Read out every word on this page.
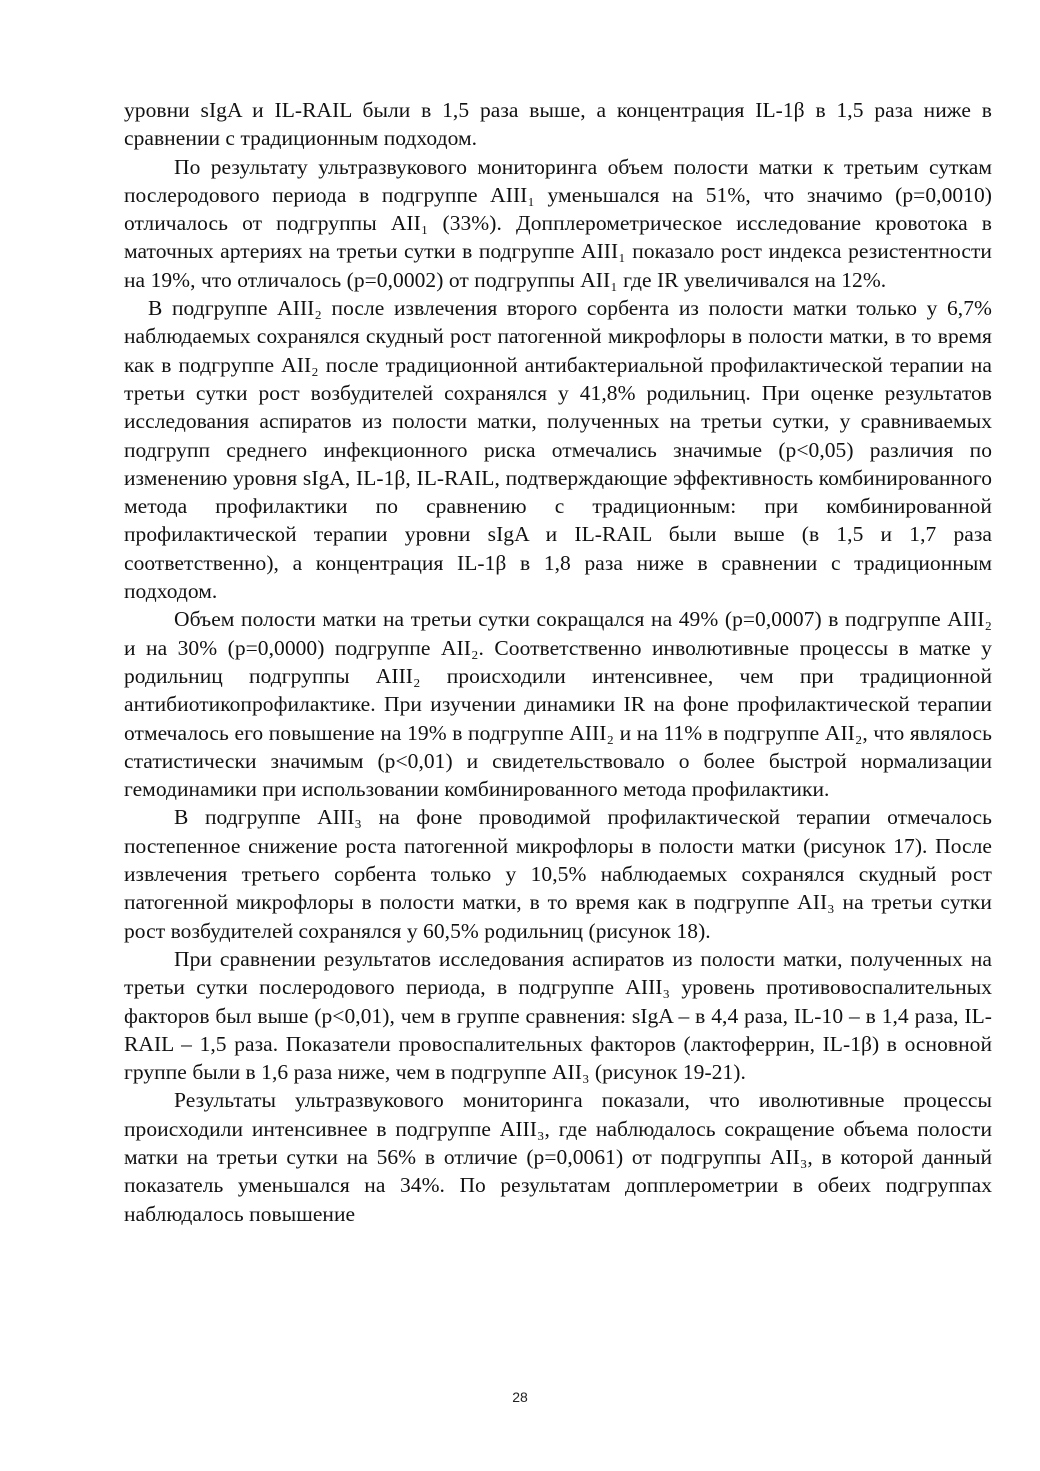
уровни sIgA и IL-RAIL были в 1,5 раза выше, а концентрация IL-1β в 1,5 раза ниже в сравнении с традиционным подходом.

По результату ультразвукового мониторинга объем полости матки к третьим суткам послеродового периода в подгруппе AIII₁ уменьшался на 51%, что значимо (p=0,0010) отличалось от подгруппы AII₁ (33%). Допплерометрическое исследование кровотока в маточных артериях на третьи сутки в подгруппе AIII₁ показало рост индекса резистентности на 19%, что отличалось (p=0,0002) от подгруппы AII₁ где IR увеличивался на 12%.

В подгруппе AIII₂ после извлечения второго сорбента из полости матки только у 6,7% наблюдаемых сохранялся скудный рост патогенной микрофлоры в полости матки, в то время как в подгруппе AII₂ после традиционной антибактериальной профилактической терапии на третьи сутки рост возбудителей сохранялся у 41,8% родильниц. При оценке результатов исследования аспиратов из полости матки, полученных на третьи сутки, у сравниваемых подгрупп среднего инфекционного риска отмечались значимые (p<0,05) различия по изменению уровня sIgA, IL-1β, IL-RAIL, подтверждающие эффективность комбинированного метода профилактики по сравнению с традиционным: при комбинированной профилактической терапии уровни sIgA и IL-RAIL были выше (в 1,5 и 1,7 раза соответственно), а концентрация IL-1β в 1,8 раза ниже в сравнении с традиционным подходом.

Объем полости матки на третьи сутки сокращался на 49% (p=0,0007) в подгруппе AIII₂ и на 30% (p=0,0000) подгруппе AII₂. Соответственно инволютивные процессы в матке у родильниц подгруппы AIII₂ происходили интенсивнее, чем при традиционной антибиотикопрофилактике. При изучении динамики IR на фоне профилактической терапии отмечалось его повышение на 19% в подгруппе AIII₂ и на 11% в подгруппе AII₂, что являлось статистически значимым (p<0,01) и свидетельствовало о более быстрой нормализации гемодинамики при использовании комбинированного метода профилактики.

В подгруппе AIII₃ на фоне проводимой профилактической терапии отмечалось постепенное снижение роста патогенной микрофлоры в полости матки (рисунок 17). После извлечения третьего сорбента только у 10,5% наблюдаемых сохранялся скудный рост патогенной микрофлоры в полости матки, в то время как в подгруппе AII₃ на третьи сутки рост возбудителей сохранялся у 60,5% родильниц (рисунок 18).

При сравнении результатов исследования аспиратов из полости матки, полученных на третьи сутки послеродового периода, в подгруппе AIII₃ уровень противовоспалительных факторов был выше (p<0,01), чем в группе сравнения: sIgA – в 4,4 раза, IL-10 – в 1,4 раза, IL-RAIL – 1,5 раза. Показатели провоспалительных факторов (лактоферрин, IL-1β) в основной группе были в 1,6 раза ниже, чем в подгруппе AII₃ (рисунок 19-21).

Результаты ультразвукового мониторинга показали, что иволютивные процессы происходили интенсивнее в подгруппе AIII₃, где наблюдалось сокращение объема полости матки на третьи сутки на 56% в отличие (p=0,0061) от подгруппы AII₃, в которой данный показатель уменьшался на 34%. По результатам допплерометрии в обеих подгруппах наблюдалось повышение

28
